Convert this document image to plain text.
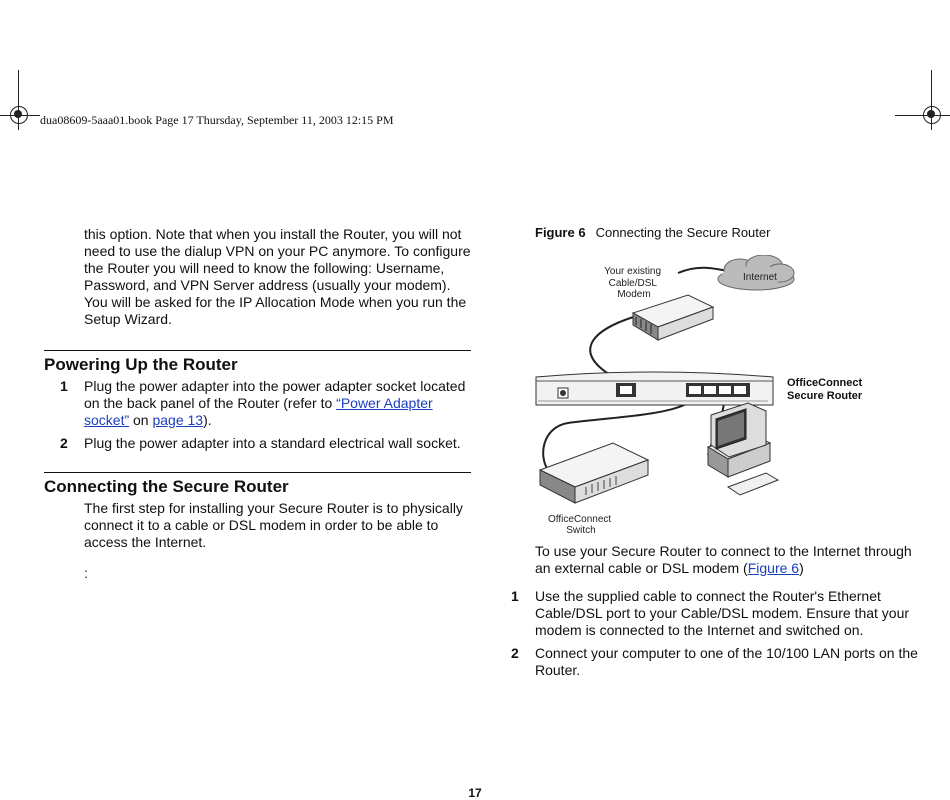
dua08609-5aaa01.book Page 17 Thursday, September 11, 2003 12:15 PM
this option. Note that when you install the Router, you will not need to use the dialup VPN on your PC anymore. To configure the Router you will need to know the following: Username, Password, and VPN Server address (usually your modem). You will be asked for the IP Allocation Mode when you run the Setup Wizard.
Powering Up the Router
1 Plug the power adapter into the power adapter socket located on the back panel of the Router (refer to “Power Adapter socket” on page 13).
2 Plug the power adapter into a standard electrical wall socket.
Connecting the Secure Router
The first step for installing your Secure Router is to physically connect it to a cable or DSL modem in order to be able to access the Internet.
:
Figure 6 Connecting the Secure Router
Internet
Your existing Cable/DSL Modem
OfficeConnect Secure Router
OfficeConnect Switch
To use your Secure Router to connect to the Internet through an external cable or DSL modem (Figure 6)
1 Use the supplied cable to connect the Router's Ethernet Cable/DSL port to your Cable/DSL modem. Ensure that your modem is connected to the Internet and switched on.
2 Connect your computer to one of the 10/100 LAN ports on the Router.
17
